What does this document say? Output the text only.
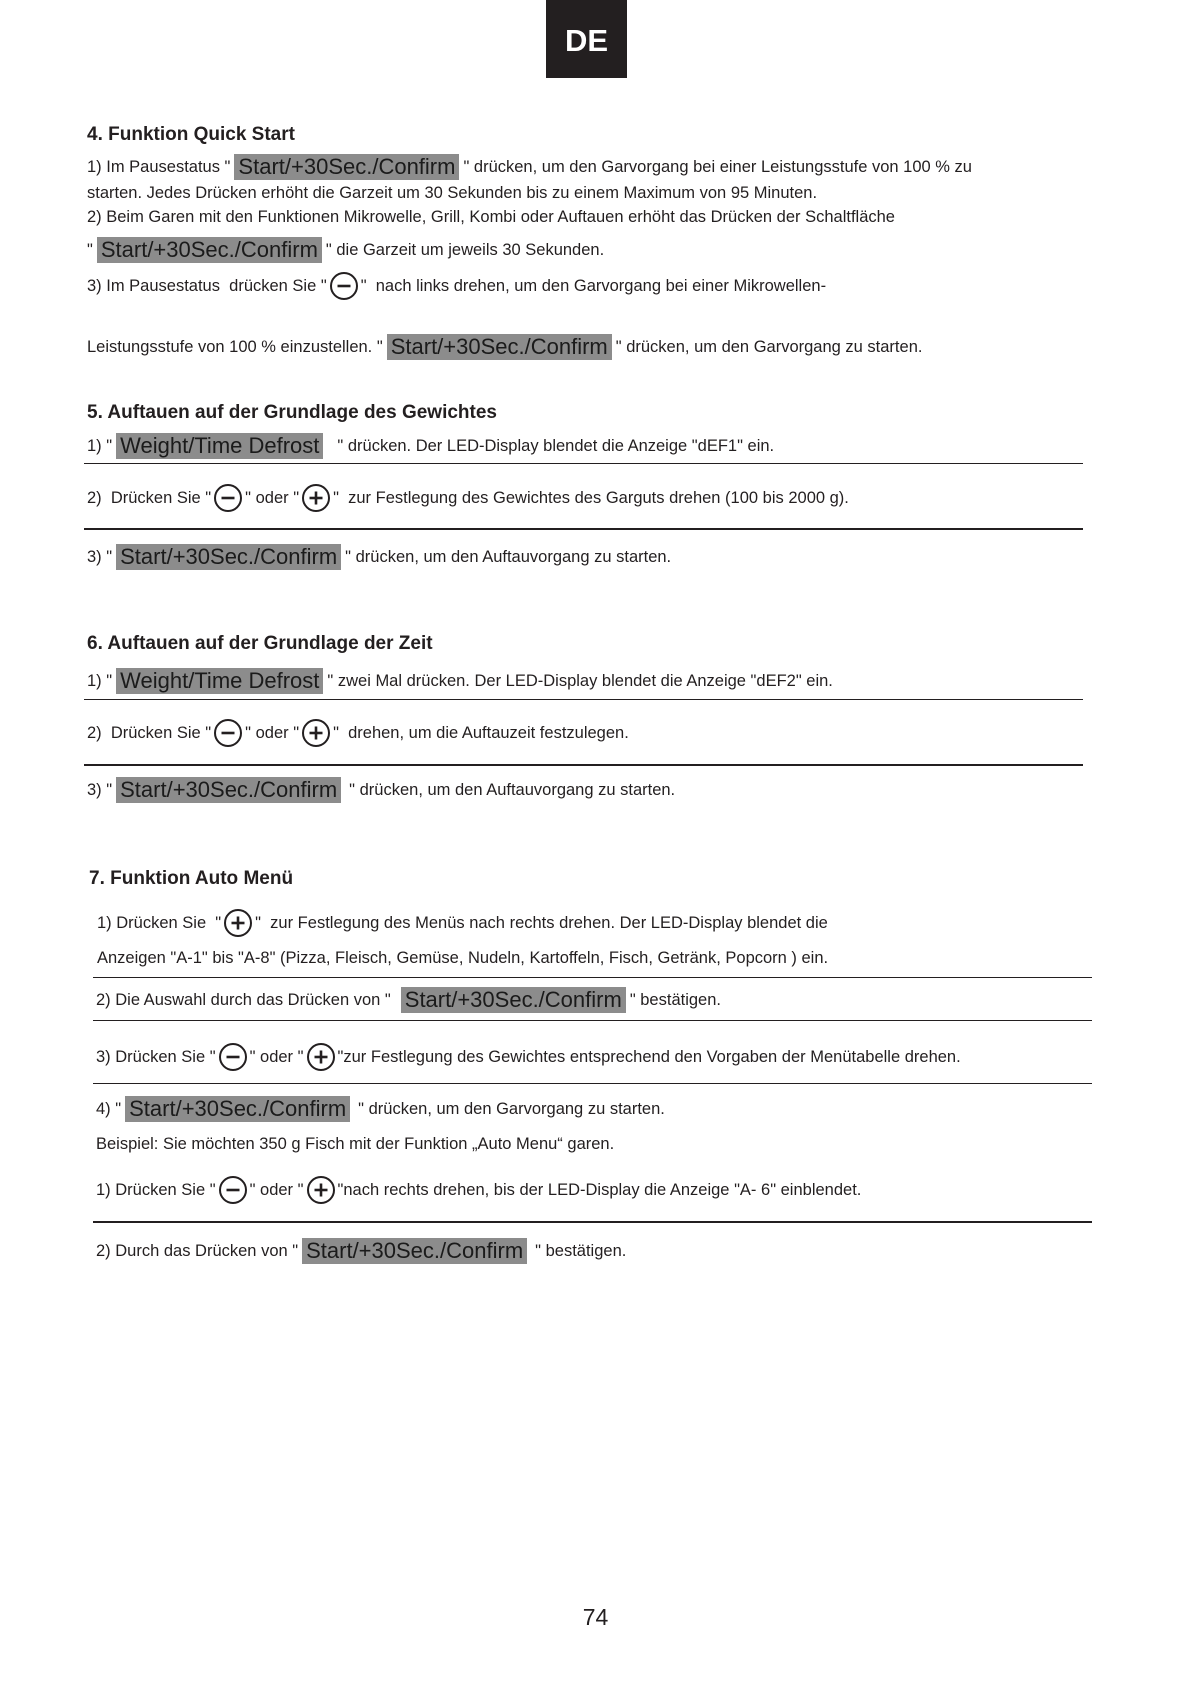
DE
4. Funktion Quick Start
1) Im Pausestatus " Start/+30Sec./Confirm " drücken, um den Garvorgang bei einer Leistungsstufe von 100 % zu
starten. Jedes Drücken erhöht die Garzeit um 30 Sekunden bis zu einem Maximum von 95 Minuten.
2) Beim Garen mit den Funktionen Mikrowelle, Grill, Kombi oder Auftauen erhöht das Drücken der Schaltfläche
" Start/+30Sec./Confirm " die Garzeit um jeweils 30 Sekunden.
3) Im Pausestatus  drücken Sie " "  nach links drehen, um den Garvorgang bei einer Mikrowellen-
Leistungsstufe von 100 % einzustellen. " Start/+30Sec./Confirm " drücken, um den Garvorgang zu starten.
5. Auftauen auf der Grundlage des Gewichtes
1) " Weight/Time Defrost " drücken. Der LED-Display blendet die Anzeige "dEF1" ein.
2)  Drücken Sie " " oder " "  zur Festlegung des Gewichtes des Garguts drehen (100 bis 2000 g).
3) " Start/+30Sec./Confirm " drücken, um den Auftauvorgang zu starten.
6. Auftauen auf der Grundlage der Zeit
1) " Weight/Time Defrost " zwei Mal drücken. Der LED-Display blendet die Anzeige "dEF2" ein.
2)  Drücken Sie " " oder " "  drehen, um die Auftauzeit festzulegen.
3) " Start/+30Sec./Confirm " drücken, um den Auftauvorgang zu starten.
7. Funktion Auto Menü
1) Drücken Sie  " "  zur Festlegung des Menüs nach rechts drehen. Der LED-Display blendet die
Anzeigen "A-1" bis "A-8" (Pizza, Fleisch, Gemüse, Nudeln, Kartoffeln, Fisch, Getränk, Popcorn ) ein.
2) Die Auswahl durch das Drücken von " Start/+30Sec./Confirm " bestätigen.
3) Drücken Sie " " oder " "zur Festlegung des Gewichtes entsprechend den Vorgaben der Menütabelle drehen.
4) " Start/+30Sec./Confirm " drücken, um den Garvorgang zu starten.
Beispiel: Sie möchten 350 g Fisch mit der Funktion „Auto Menu“ garen.
1) Drücken Sie " " oder " "nach rechts drehen, bis der LED-Display die Anzeige "A- 6" einblendet.
2) Durch das Drücken von " Start/+30Sec./Confirm " bestätigen.
74
